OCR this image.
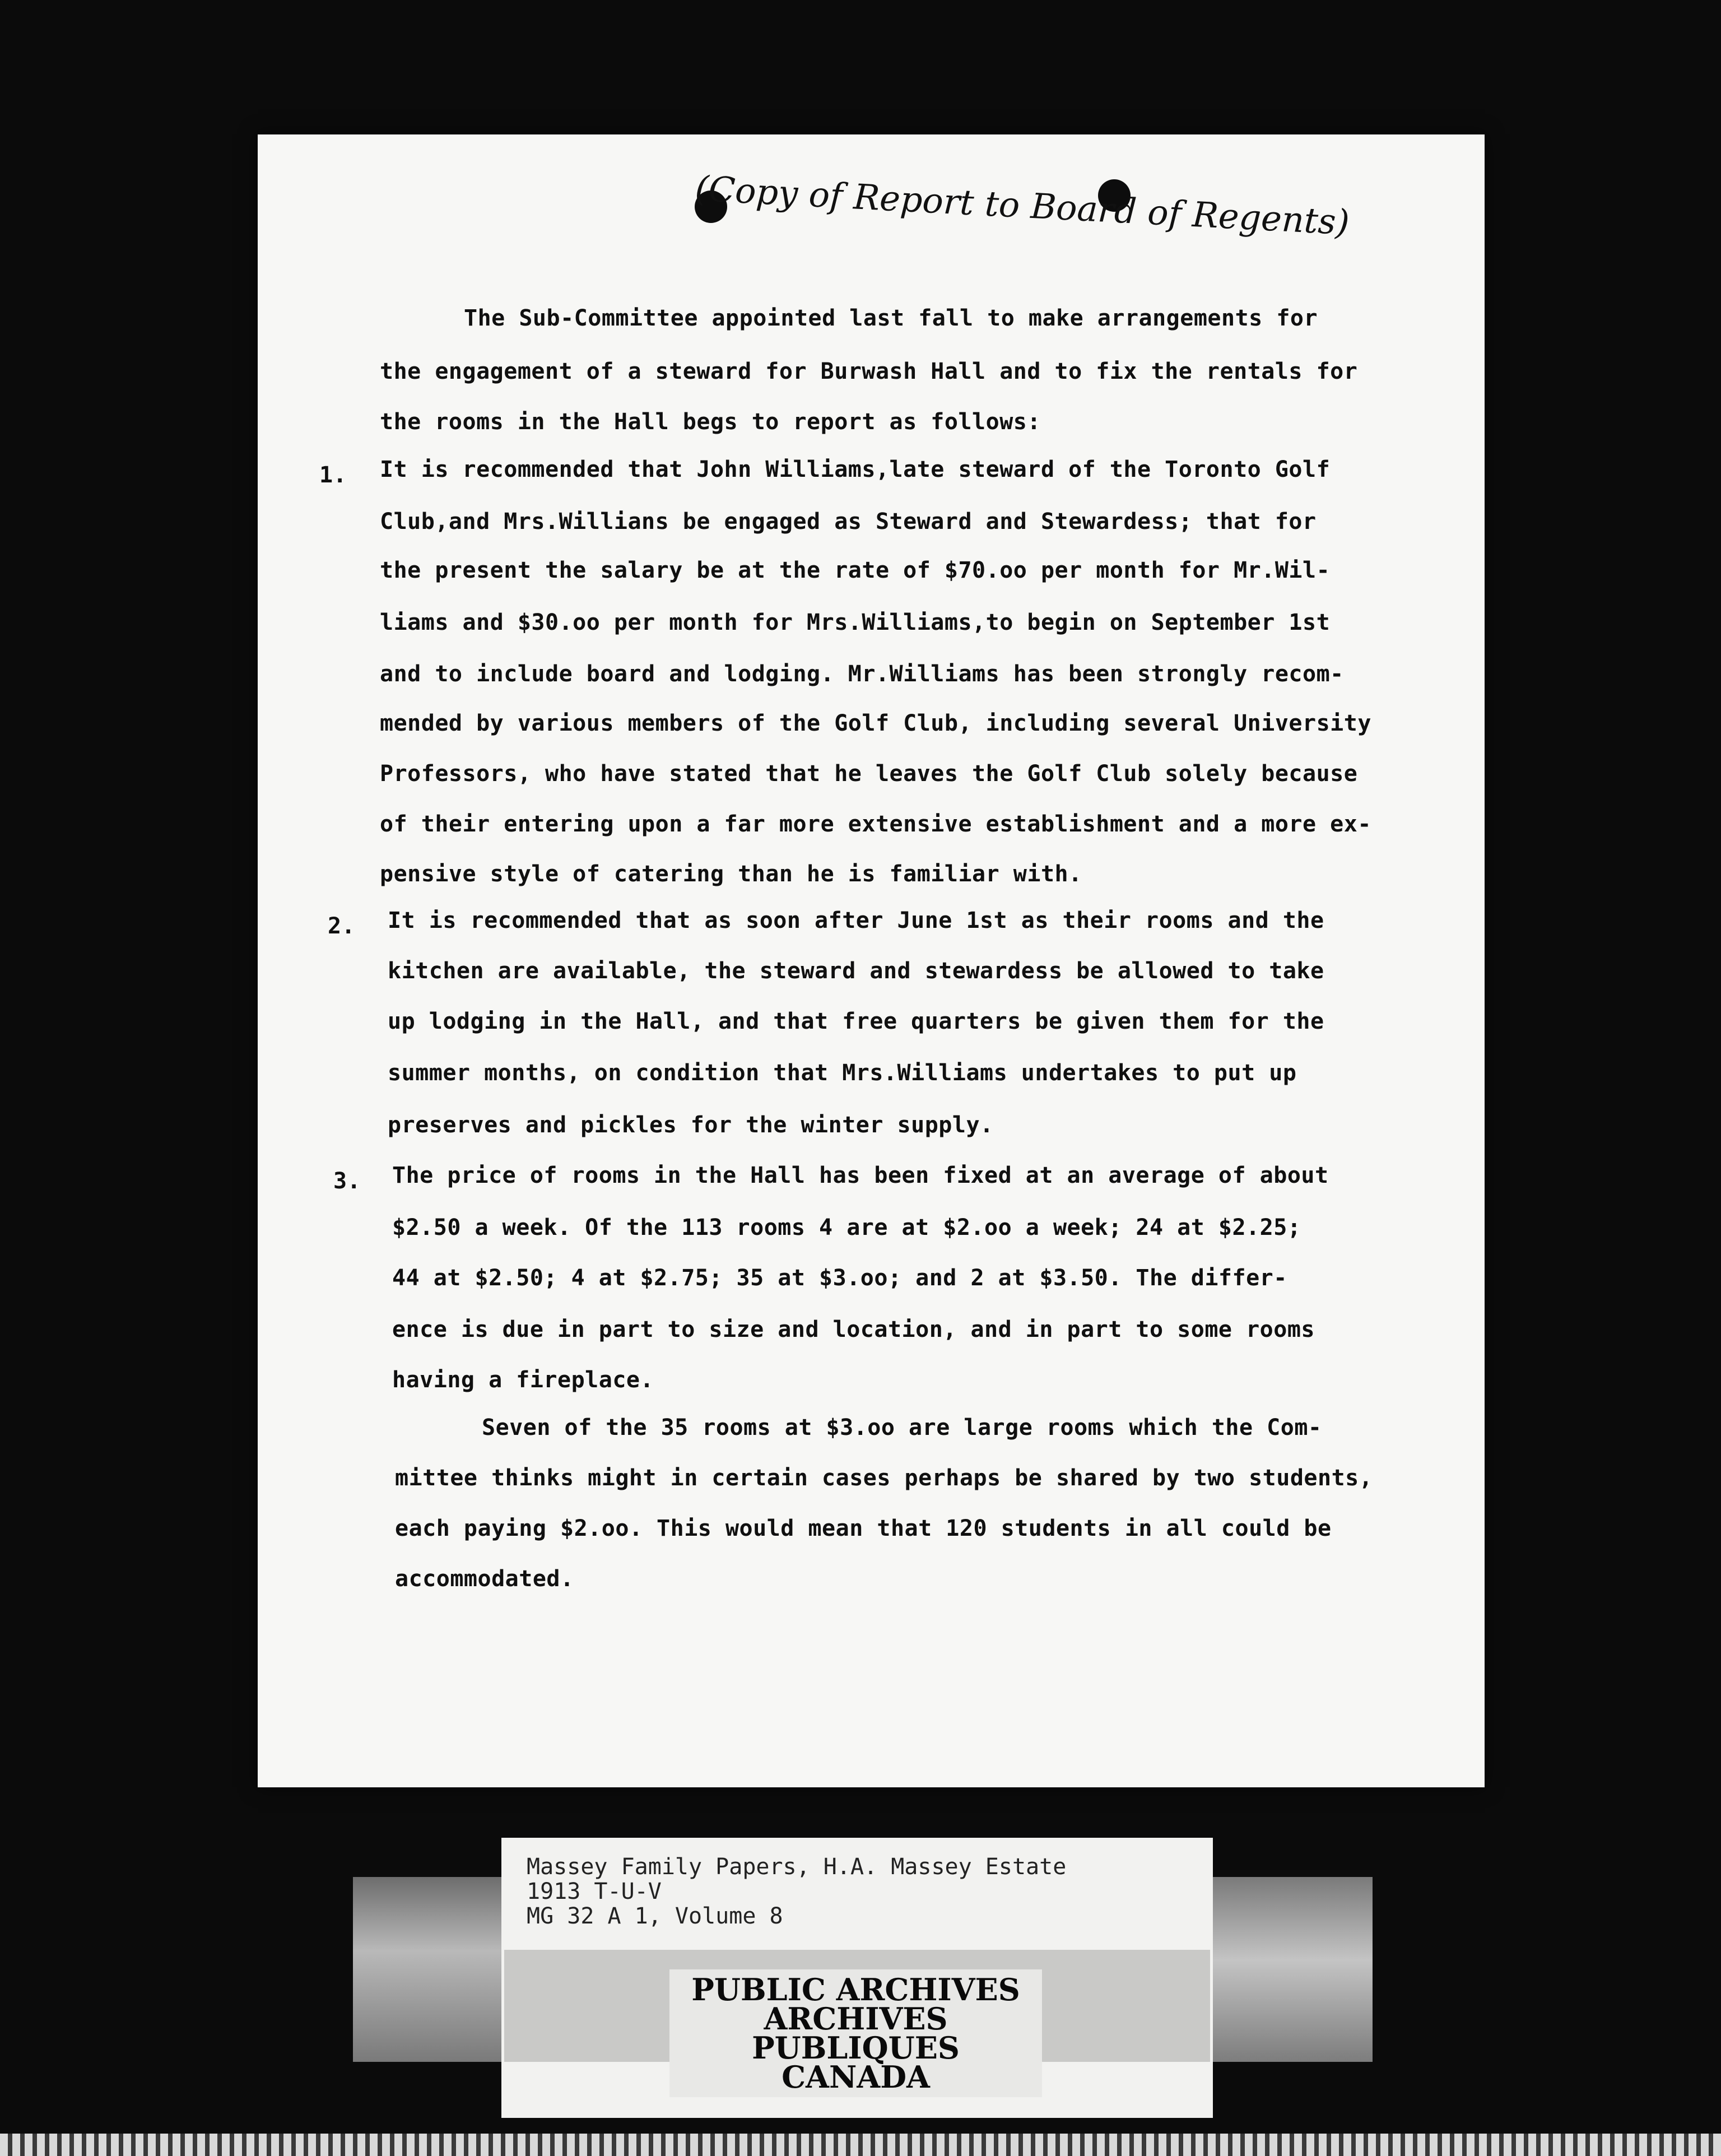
(Copy of Report to Board of Regents)
The Sub-Committee appointed last fall to make arrangements for
the engagement of a steward for Burwash Hall and to fix the rentals for
the rooms in the Hall begs to report as follows:
1. It is recommended that John Williams,late steward of the Toronto Golf
Club,and Mrs.Willians be engaged as Steward and Stewardess; that for
the present the salary be at the rate of $70.oo per month for Mr.Wil-
liams and $30.oo per month for Mrs.Williams,to begin on September 1st
and to include board and lodging. Mr.Williams has been strongly recom-
mended by various members of the Golf Club, including several University
Professors, who have stated that he leaves the Golf Club solely because
of their entering upon a far more extensive establishment and a more ex-
pensive style of catering than he is familiar with.
2. It is recommended that as soon after June 1st as their rooms and the
kitchen are available, the steward and stewardess be allowed to take
up lodging in the Hall, and that free quarters be given them for the
summer months, on condition that Mrs.Williams undertakes to put up
preserves and pickles for the winter supply.
3. The price of rooms in the Hall has been fixed at an average of about
$2.50 a week. Of the 113 rooms 4 are at $2.oo a week; 24 at $2.25;
44 at $2.50; 4 at $2.75; 35 at $3.oo; and 2 at $3.50. The differ-
ence is due in part to size and location, and in part to some rooms
having a fireplace.
Seven of the 35 rooms at $3.oo are large rooms which the Com-
mittee thinks might in certain cases perhaps be shared by two students,
each paying $2.oo. This would mean that 120 students in all could be
accommodated.
Massey Family Papers, H.A. Massey Estate
1913 T-U-V
MG 32 A 1, Volume 8
PUBLIC ARCHIVES
ARCHIVES PUBLIQUES
CANADA
